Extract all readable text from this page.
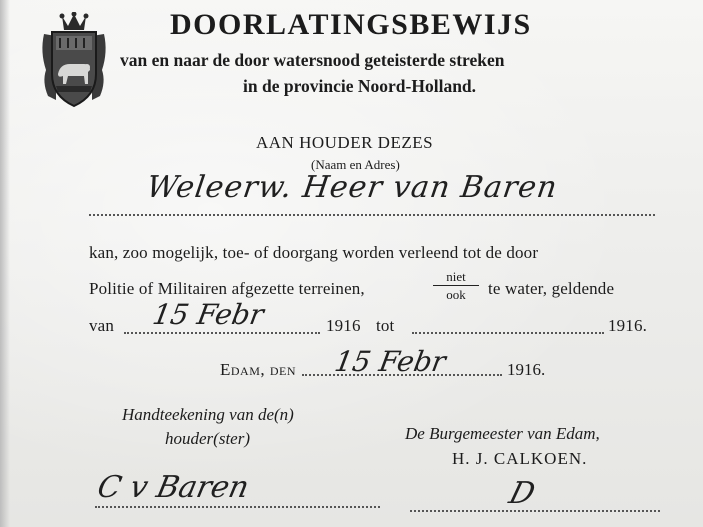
DOORLATINGSBEWIJS
van en naar de door watersnood geteisterde streken
in de provincie Noord-Holland.
AAN HOUDER DEZES
(Naam en Adres)
Weleerw. Heer van Baren
kan, zoo mogelijk, toe- of doorgang worden verleend tot de door
Politie of Militairen afgezette terreinen,
niet
ook	te water, geldende
van 15 Febr	1916 tot	1916.
Edam, den 15 Febr	1916.
Handteekening van de(n)
houder(ster)	De Burgemeester van Edam,
H. J. CALKOEN.
C v Baren	D
